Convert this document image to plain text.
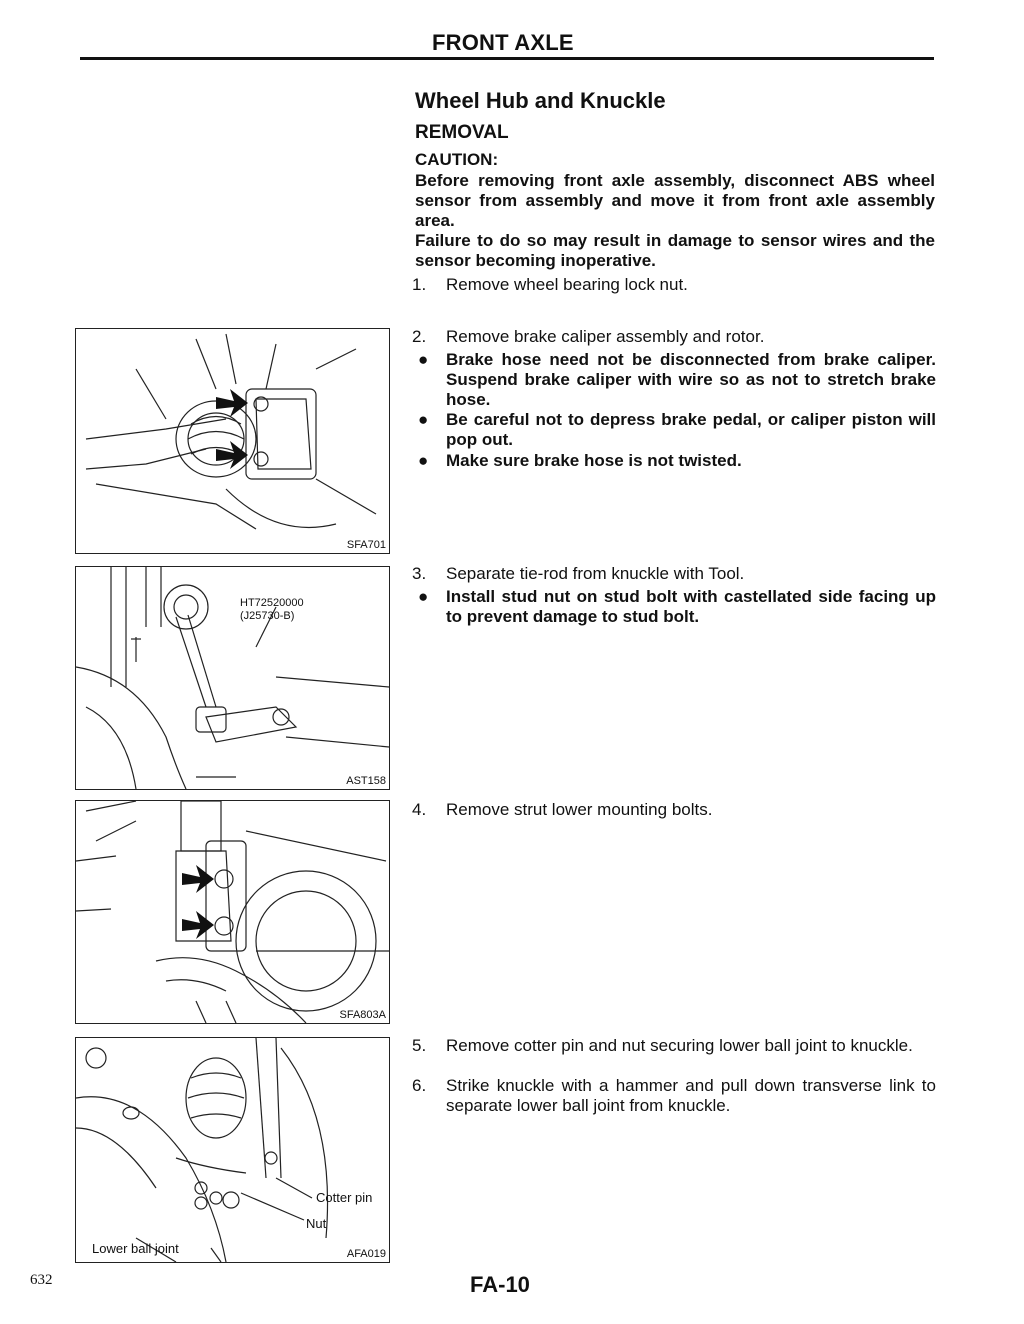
FRONT AXLE
Wheel Hub and Knuckle
REMOVAL
CAUTION:
Before removing front axle assembly, disconnect ABS wheel sensor from assembly and move it from front axle assembly area.
Failure to do so may result in damage to sensor wires and the sensor becoming inoperative.
1.	Remove wheel bearing lock nut.
2.	Remove brake caliper assembly and rotor.
●	Brake hose need not be disconnected from brake caliper. Suspend brake caliper with wire so as not to stretch brake hose.
●	Be careful not to depress brake pedal, or caliper piston will pop out.
●	Make sure brake hose is not twisted.
3.	Separate tie-rod from knuckle with Tool.
●	Install stud nut on stud bolt with castellated side facing up to prevent damage to stud bolt.
4.	Remove strut lower mounting bolts.
5.	Remove cotter pin and nut securing lower ball joint to knuckle.
6.	Strike knuckle with a hammer and pull down transverse link to separate lower ball joint from knuckle.
SFA701
HT72520000
(J25730-B)
AST158
SFA803A
Cotter pin
Nut
Lower ball joint	AFA019
632	FA-10
